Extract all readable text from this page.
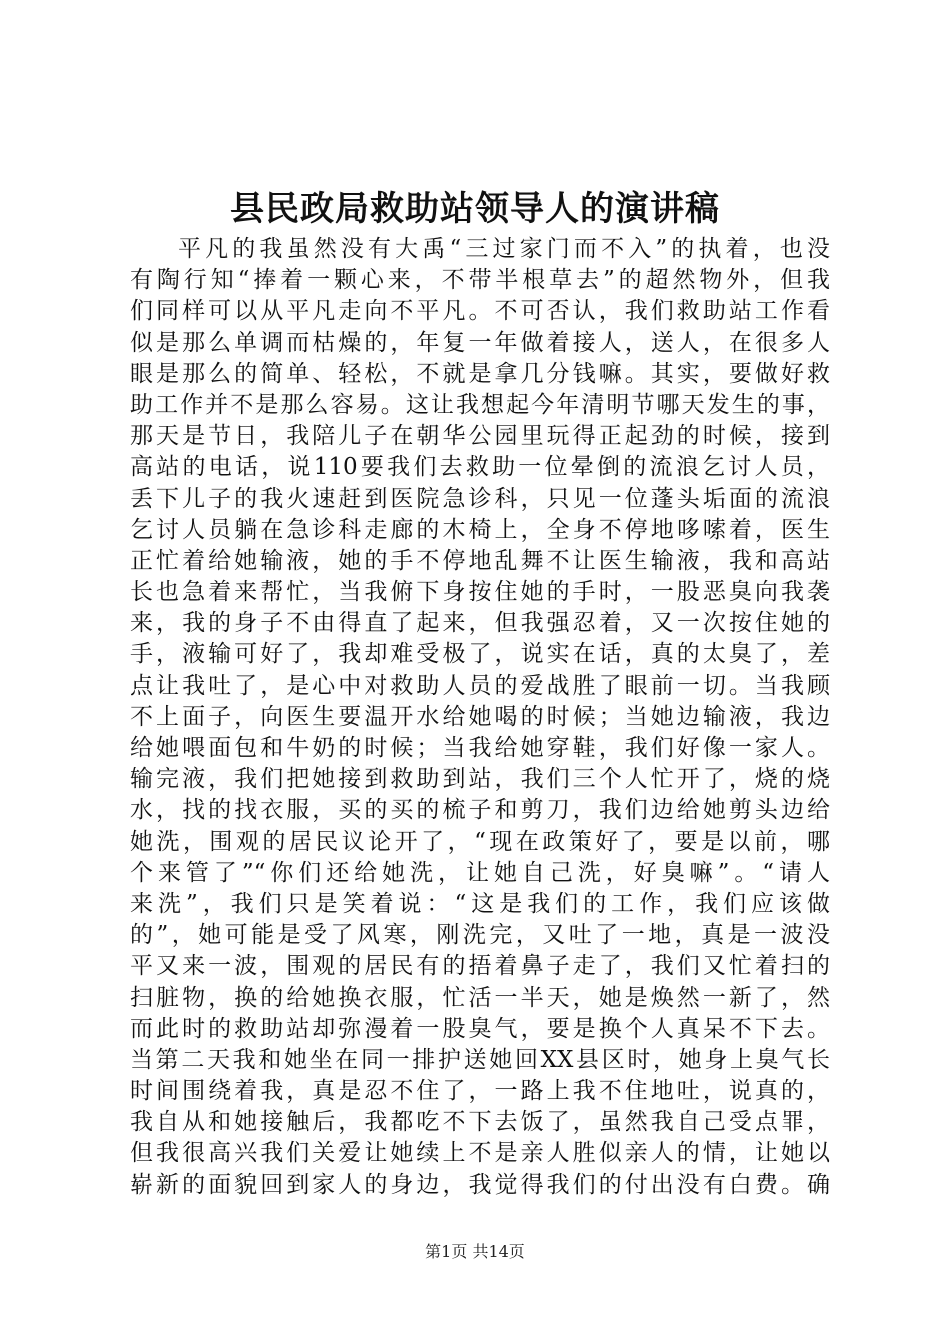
县民政局救助站领导人的演讲稿
平凡的我虽然没有大禹“三过家门而不入”的执着，也没
有陶行知“捧着一颗心来，不带半根草去”的超然物外，但我
们同样可以从平凡走向不平凡。不可否认，我们救助站工作看
似是那么单调而枯燥的，年复一年做着接人，送人，在很多人
眼是那么的简单、轻松，不就是拿几分钱嘛。其实，要做好救
助工作并不是那么容易。这让我想起今年清明节哪天发生的事，
那天是节日，我陪儿子在朝华公园里玩得正起劲的时候，接到
高站的电话，说110要我们去救助一位晕倒的流浪乞讨人员，
丢下儿子的我火速赶到医院急诊科，只见一位蓬头垢面的流浪
乞讨人员躺在急诊科走廊的木椅上，全身不停地哆嗦着，医生
正忙着给她输液，她的手不停地乱舞不让医生输液，我和高站
长也急着来帮忙，当我俯下身按住她的手时，一股恶臭向我袭
来，我的身子不由得直了起来，但我强忍着，又一次按住她的
手，液输可好了，我却难受极了，说实在话，真的太臭了，差
点让我吐了，是心中对救助人员的爱战胜了眼前一切。当我顾
不上面子，向医生要温开水给她喝的时候；当她边输液，我边
给她喂面包和牛奶的时候；当我给她穿鞋，我们好像一家人。
输完液，我们把她接到救助到站，我们三个人忙开了，烧的烧
水，找的找衣服，买的买的梳子和剪刀，我们边给她剪头边给
她洗，围观的居民议论开了，“现在政策好了，要是以前，哪
个来管了”“你们还给她洗，让她自己洗，好臭嘛”。“请人
来洗”，我们只是笑着说：“这是我们的工作，我们应该做
的”，她可能是受了风寒，刚洗完，又吐了一地，真是一波没
平又来一波，围观的居民有的捂着鼻子走了，我们又忙着扫的
扫脏物，换的给她换衣服，忙活一半天，她是焕然一新了，然
而此时的救助站却弥漫着一股臭气，要是换个人真呆不下去。
当第二天我和她坐在同一排护送她回XX县区时，她身上臭气长
时间围绕着我，真是忍不住了，一路上我不住地吐，说真的，
我自从和她接触后，我都吃不下去饭了，虽然我自己受点罪，
但我很高兴我们关爱让她续上不是亲人胜似亲人的情，让她以
崭新的面貌回到家人的身边，我觉得我们的付出没有白费。确
第1页 共14页
